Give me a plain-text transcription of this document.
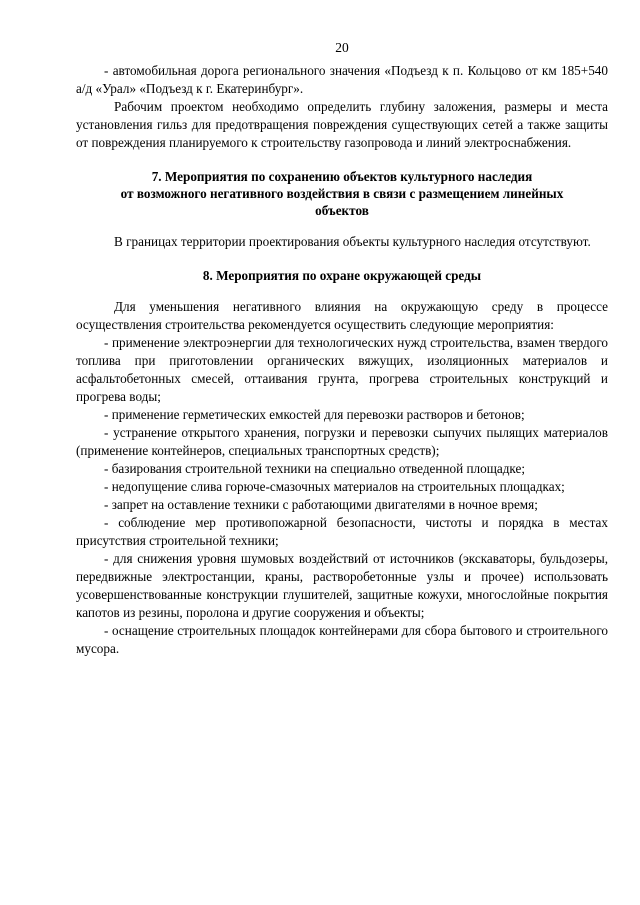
20

- автомобильная дорога регионального значения «Подъезд к п. Кольцово от км 185+540 а/д «Урал» «Подъезд к г. Екатеринбург».

Рабочим проектом необходимо определить глубину заложения, размеры и места установления гильз для предотвращения повреждения существующих сетей а также защиты от повреждения планируемого к строительству газопровода и линий электроснабжения.

7. Мероприятия по сохранению объектов культурного наследия

от возможного негативного воздействия в связи с размещением линейных

объектов

В границах территории проектирования объекты культурного наследия отсутствуют.

8. Мероприятия по охране окружающей среды

Для уменьшения негативного влияния на окружающую среду в процессе осуществления строительства рекомендуется осуществить следующие мероприятия:

- применение электроэнергии для технологических нужд строительства, взамен твердого топлива при приготовлении органических вяжущих, изоляционных материалов и асфальтобетонных смесей, оттаивания грунта, прогрева строительных конструкций и прогрева воды;

- применение герметических емкостей для перевозки растворов и бетонов;

- устранение открытого хранения, погрузки и перевозки сыпучих пылящих материалов (применение контейнеров, специальных транспортных средств);

- базирования строительной техники на специально отведенной площадке;

- недопущение слива горюче-смазочных материалов на строительных площадках;

- запрет на оставление техники с работающими двигателями в ночное время;

- соблюдение мер противопожарной безопасности, чистоты и порядка в местах присутствия строительной техники;

- для снижения уровня шумовых воздействий от источников (экскаваторы, бульдозеры, передвижные электростанции, краны, растворобетонные узлы и прочее) использовать усовершенствованные конструкции глушителей, защитные кожухи, многослойные покрытия капотов из резины, поролона и другие сооружения и объекты;

- оснащение строительных площадок контейнерами для сбора бытового и строительного мусора.
